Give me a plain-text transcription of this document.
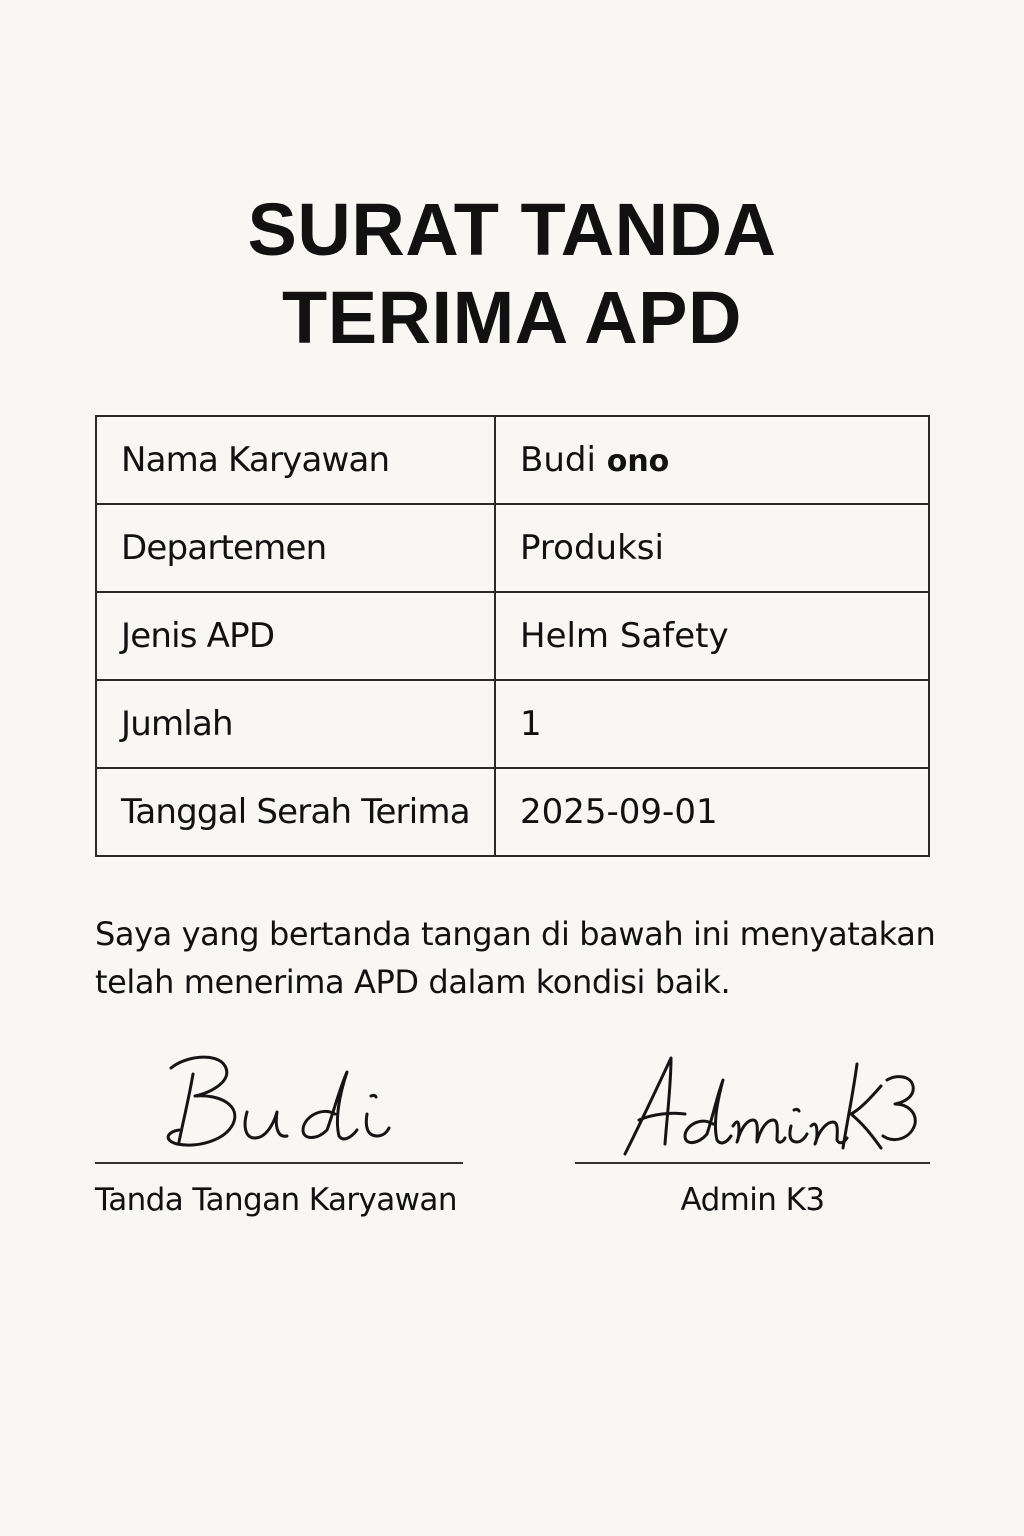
SURAT TANDA
TERIMA APD
Nama Karyawan	Budi ono
Departemen	Produksi
Jenis APD	Helm Safety
Jumlah	1
Tanggal Serah Terima	2025-09-01

Saya yang bertanda tangan di bawah ini menyatakan telah menerima APD dalam kondisi baik.

Tanda Tangan Karyawan	Admin K3
